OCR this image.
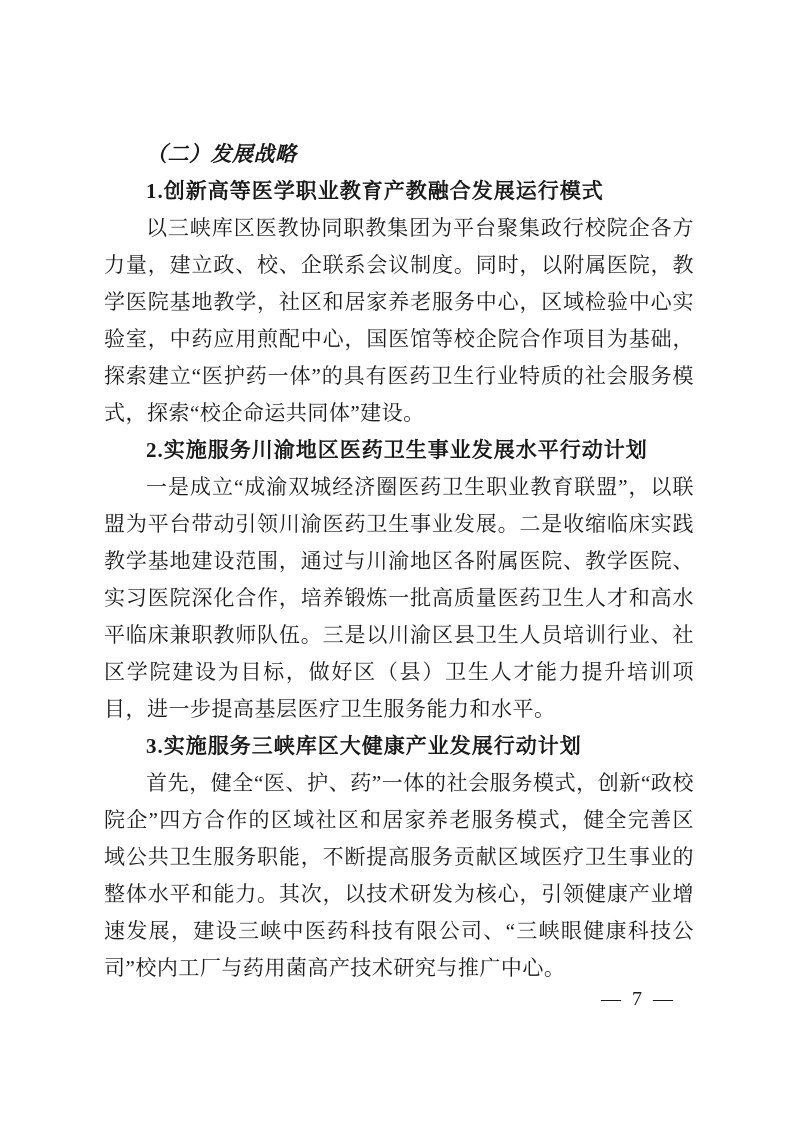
（二）发展战略

1.创新高等医学职业教育产教融合发展运行模式

以三峡库区医教协同职教集团为平台聚集政行校院企各方力量，建立政、校、企联系会议制度。同时，以附属医院，教学医院基地教学，社区和居家养老服务中心，区域检验中心实验室，中药应用煎配中心，国医馆等校企院合作项目为基础，探索建立“医护药一体”的具有医药卫生行业特质的社会服务模式，探索“校企命运共同体”建设。

2.实施服务川渝地区医药卫生事业发展水平行动计划

一是成立“成渝双城经济圈医药卫生职业教育联盟”，以联盟为平台带动引领川渝医药卫生事业发展。二是收缩临床实践教学基地建设范围，通过与川渝地区各附属医院、教学医院、实习医院深化合作，培养锻炼一批高质量医药卫生人才和高水平临床兼职教师队伍。三是以川渝区县卫生人员培训行业、社区学院建设为目标，做好区（县）卫生人才能力提升培训项目，进一步提高基层医疗卫生服务能力和水平。

3.实施服务三峡库区大健康产业发展行动计划

首先，健全“医、护、药”一体的社会服务模式，创新“政校院企”四方合作的区域社区和居家养老服务模式，健全完善区域公共卫生服务职能，不断提高服务贡献区域医疗卫生事业的整体水平和能力。其次，以技术研发为核心，引领健康产业增速发展，建设三峡中医药科技有限公司、“三峡眼健康科技公司”校内工厂与药用菌高产技术研究与推广中心。

— 7 —
